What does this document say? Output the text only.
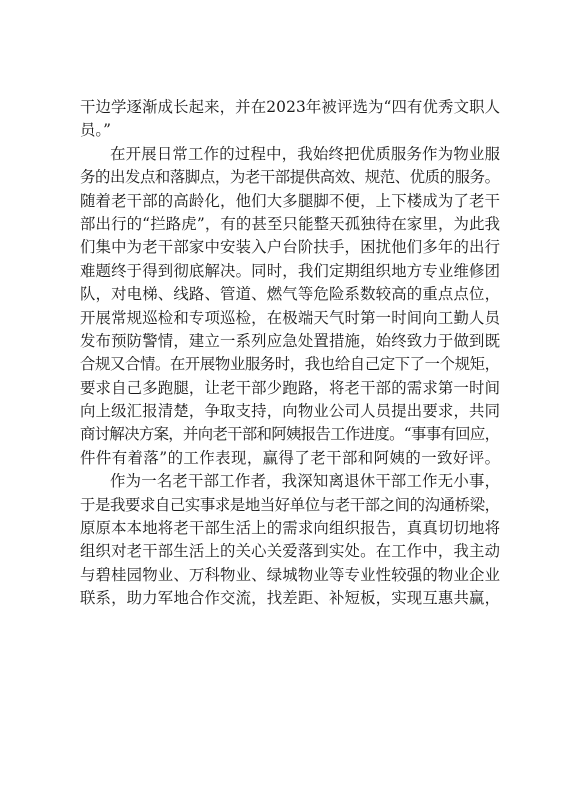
干边学逐渐成长起来，并在2023年被评选为“四有优秀文职人
员。”
在开展日常工作的过程中，我始终把优质服务作为物业服
务的出发点和落脚点，为老干部提供高效、规范、优质的服务。
随着老干部的高龄化，他们大多腿脚不便，上下楼成为了老干
部出行的“拦路虎”，有的甚至只能整天孤独待在家里，为此我
们集中为老干部家中安装入户台阶扶手，困扰他们多年的出行
难题终于得到彻底解决。同时，我们定期组织地方专业维修团
队，对电梯、线路、管道、燃气等危险系数较高的重点点位，
开展常规巡检和专项巡检，在极端天气时第一时间向工勤人员
发布预防警情，建立一系列应急处置措施，始终致力于做到既
合规又合情。在开展物业服务时，我也给自己定下了一个规矩，
要求自己多跑腿，让老干部少跑路，将老干部的需求第一时间
向上级汇报清楚，争取支持，向物业公司人员提出要求，共同
商讨解决方案，并向老干部和阿姨报告工作进度。“事事有回应，
件件有着落”的工作表现，赢得了老干部和阿姨的一致好评。
作为一名老干部工作者，我深知离退休干部工作无小事，
于是我要求自己实事求是地当好单位与老干部之间的沟通桥梁，
原原本本地将老干部生活上的需求向组织报告，真真切切地将
组织对老干部生活上的关心关爱落到实处。在工作中，我主动
与碧桂园物业、万科物业、绿城物业等专业性较强的物业企业
联系，助力军地合作交流，找差距、补短板，实现互惠共赢，
